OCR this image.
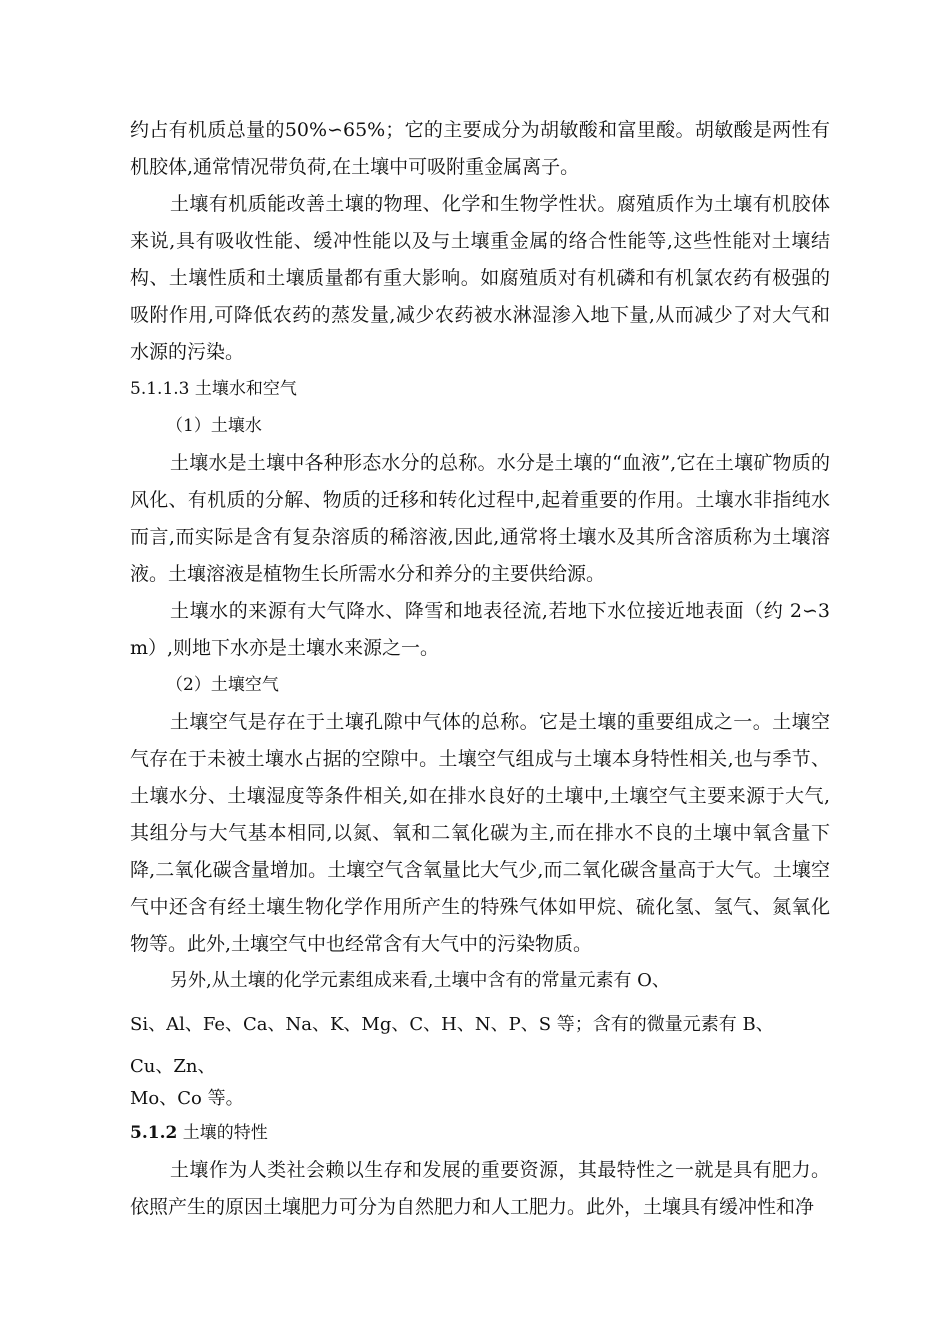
约占有机质总量的50%∽65%；它的主要成分为胡敏酸和富里酸。胡敏酸是两性有机胶体,通常情况带负荷,在土壤中可吸附重金属离子。

土壤有机质能改善土壤的物理、化学和生物学性状。腐殖质作为土壤有机胶体来说,具有吸收性能、缓冲性能以及与土壤重金属的络合性能等,这些性能对土壤结构、土壤性质和土壤质量都有重大影响。如腐殖质对有机磷和有机氯农药有极强的吸附作用,可降低农药的蒸发量,减少农药被水淋湿渗入地下量,从而减少了对大气和水源的污染。

5.1.1.3 土壤水和空气

（1）土壤水

土壤水是土壤中各种形态水分的总称。水分是土壤的“血液”,它在土壤矿物质的风化、有机质的分解、物质的迁移和转化过程中,起着重要的作用。土壤水非指纯水而言,而实际是含有复杂溶质的稀溶液,因此,通常将土壤水及其所含溶质称为土壤溶液。土壤溶液是植物生长所需水分和养分的主要供给源。

土壤水的来源有大气降水、降雪和地表径流,若地下水位接近地表面（约 2∽3m）,则地下水亦是土壤水来源之一。

（2）土壤空气

土壤空气是存在于土壤孔隙中气体的总称。它是土壤的重要组成之一。土壤空气存在于未被土壤水占据的空隙中。土壤空气组成与土壤本身特性相关,也与季节、土壤水分、土壤湿度等条件相关,如在排水良好的土壤中,土壤空气主要来源于大气,其组分与大气基本相同,以氮、氧和二氧化碳为主,而在排水不良的土壤中氧含量下降,二氧化碳含量增加。土壤空气含氧量比大气少,而二氧化碳含量高于大气。土壤空气中还含有经土壤生物化学作用所产生的特殊气体如甲烷、硫化氢、氢气、氮氧化物等。此外,土壤空气中也经常含有大气中的污染物质。

另外,从土壤的化学元素组成来看,土壤中含有的常量元素有 O、

Si、Al、Fe、Ca、Na、K、Mg、C、H、N、P、S 等；含有的微量元素有 B、

Cu、Zn、

Mo、Co 等。

5.1.2 土壤的特性

土壤作为人类社会赖以生存和发展的重要资源，其最特性之一就是具有肥力。依照产生的原因土壤肥力可分为自然肥力和人工肥力。此外，土壤具有缓冲性和净
